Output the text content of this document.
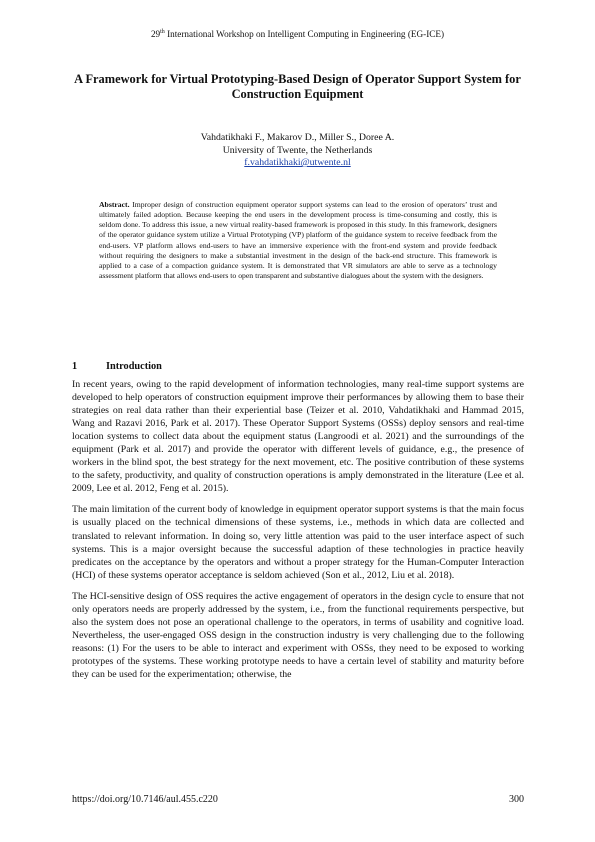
29th International Workshop on Intelligent Computing in Engineering (EG-ICE)
A Framework for Virtual Prototyping-Based Design of Operator Support System for Construction Equipment
Vahdatikhaki F., Makarov D., Miller S., Doree A.
University of Twente, the Netherlands
f.vahdatikhaki@utwente.nl
Abstract. Improper design of construction equipment operator support systems can lead to the erosion of operators’ trust and ultimately failed adoption. Because keeping the end users in the development process is time-consuming and costly, this is seldom done. To address this issue, a new virtual reality-based framework is proposed in this study. In this framework, designers of the operator guidance system utilize a Virtual Prototyping (VP) platform of the guidance system to receive feedback from the end-users. VP platform allows end-users to have an immersive experience with the front-end system and provide feedback without requiring the designers to make a substantial investment in the design of the back-end structure. This framework is applied to a case of a compaction guidance system. It is demonstrated that VR simulators are able to serve as a technology assessment platform that allows end-users to open transparent and substantive dialogues about the system with the designers.
1	Introduction

In recent years, owing to the rapid development of information technologies, many real-time support systems are developed to help operators of construction equipment improve their performances by allowing them to base their strategies on real data rather than their experiential base (Teizer et al. 2010, Vahdatikhaki and Hammad 2015, Wang and Razavi 2016, Park et al. 2017). These Operator Support Systems (OSSs) deploy sensors and real-time location systems to collect data about the equipment status (Langroodi et al. 2021) and the surroundings of the equipment (Park et al. 2017) and provide the operator with different levels of guidance, e.g., the presence of workers in the blind spot, the best strategy for the next movement, etc. The positive contribution of these systems to the safety, productivity, and quality of construction operations is amply demonstrated in the literature (Lee et al. 2009, Lee et al. 2012, Feng et al. 2015).

The main limitation of the current body of knowledge in equipment operator support systems is that the main focus is usually placed on the technical dimensions of these systems, i.e., methods in which data are collected and translated to relevant information. In doing so, very little attention was paid to the user interface aspect of such systems. This is a major oversight because the successful adaption of these technologies in practice heavily predicates on the acceptance by the operators and without a proper strategy for the Human-Computer Interaction (HCI) of these systems operator acceptance is seldom achieved (Son et al., 2012, Liu et al. 2018).

The HCI-sensitive design of OSS requires the active engagement of operators in the design cycle to ensure that not only operators needs are properly addressed by the system, i.e., from the functional requirements perspective, but also the system does not pose an operational challenge to the operators, in terms of usability and cognitive load. Nevertheless, the user-engaged OSS design in the construction industry is very challenging due to the following reasons: (1) For the users to be able to interact and experiment with OSSs, they need to be exposed to working prototypes of the systems. These working prototype needs to have a certain level of stability and maturity before they can be used for the experimentation; otherwise, the

https://doi.org/10.7146/aul.455.c220	300
